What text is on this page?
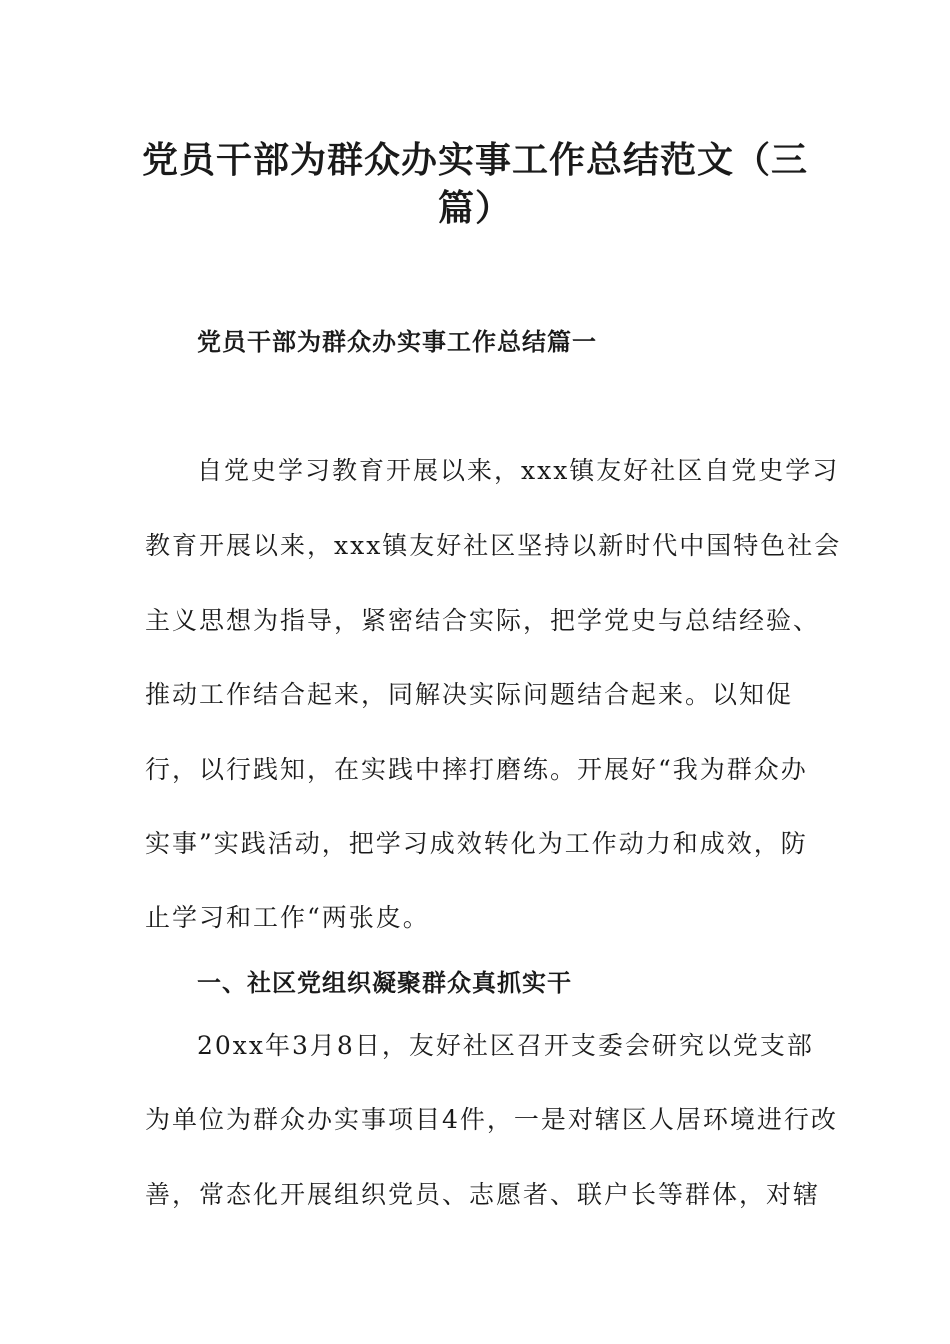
党员干部为群众办实事工作总结范文（三
篇）
党员干部为群众办实事工作总结篇一
自党史学习教育开展以来，xxx镇友好社区自党史学习
教育开展以来，xxx镇友好社区坚持以新时代中国特色社会
主义思想为指导，紧密结合实际，把学党史与总结经验、
推动工作结合起来，同解决实际问题结合起来。以知促
行，以行践知，在实践中摔打磨练。开展好“我为群众办
实事”实践活动，把学习成效转化为工作动力和成效，防
止学习和工作“两张皮。
一、社区党组织凝聚群众真抓实干
20xx年3月8日，友好社区召开支委会研究以党支部
为单位为群众办实事项目4件，一是对辖区人居环境进行改
善，常态化开展组织党员、志愿者、联户长等群体，对辖
